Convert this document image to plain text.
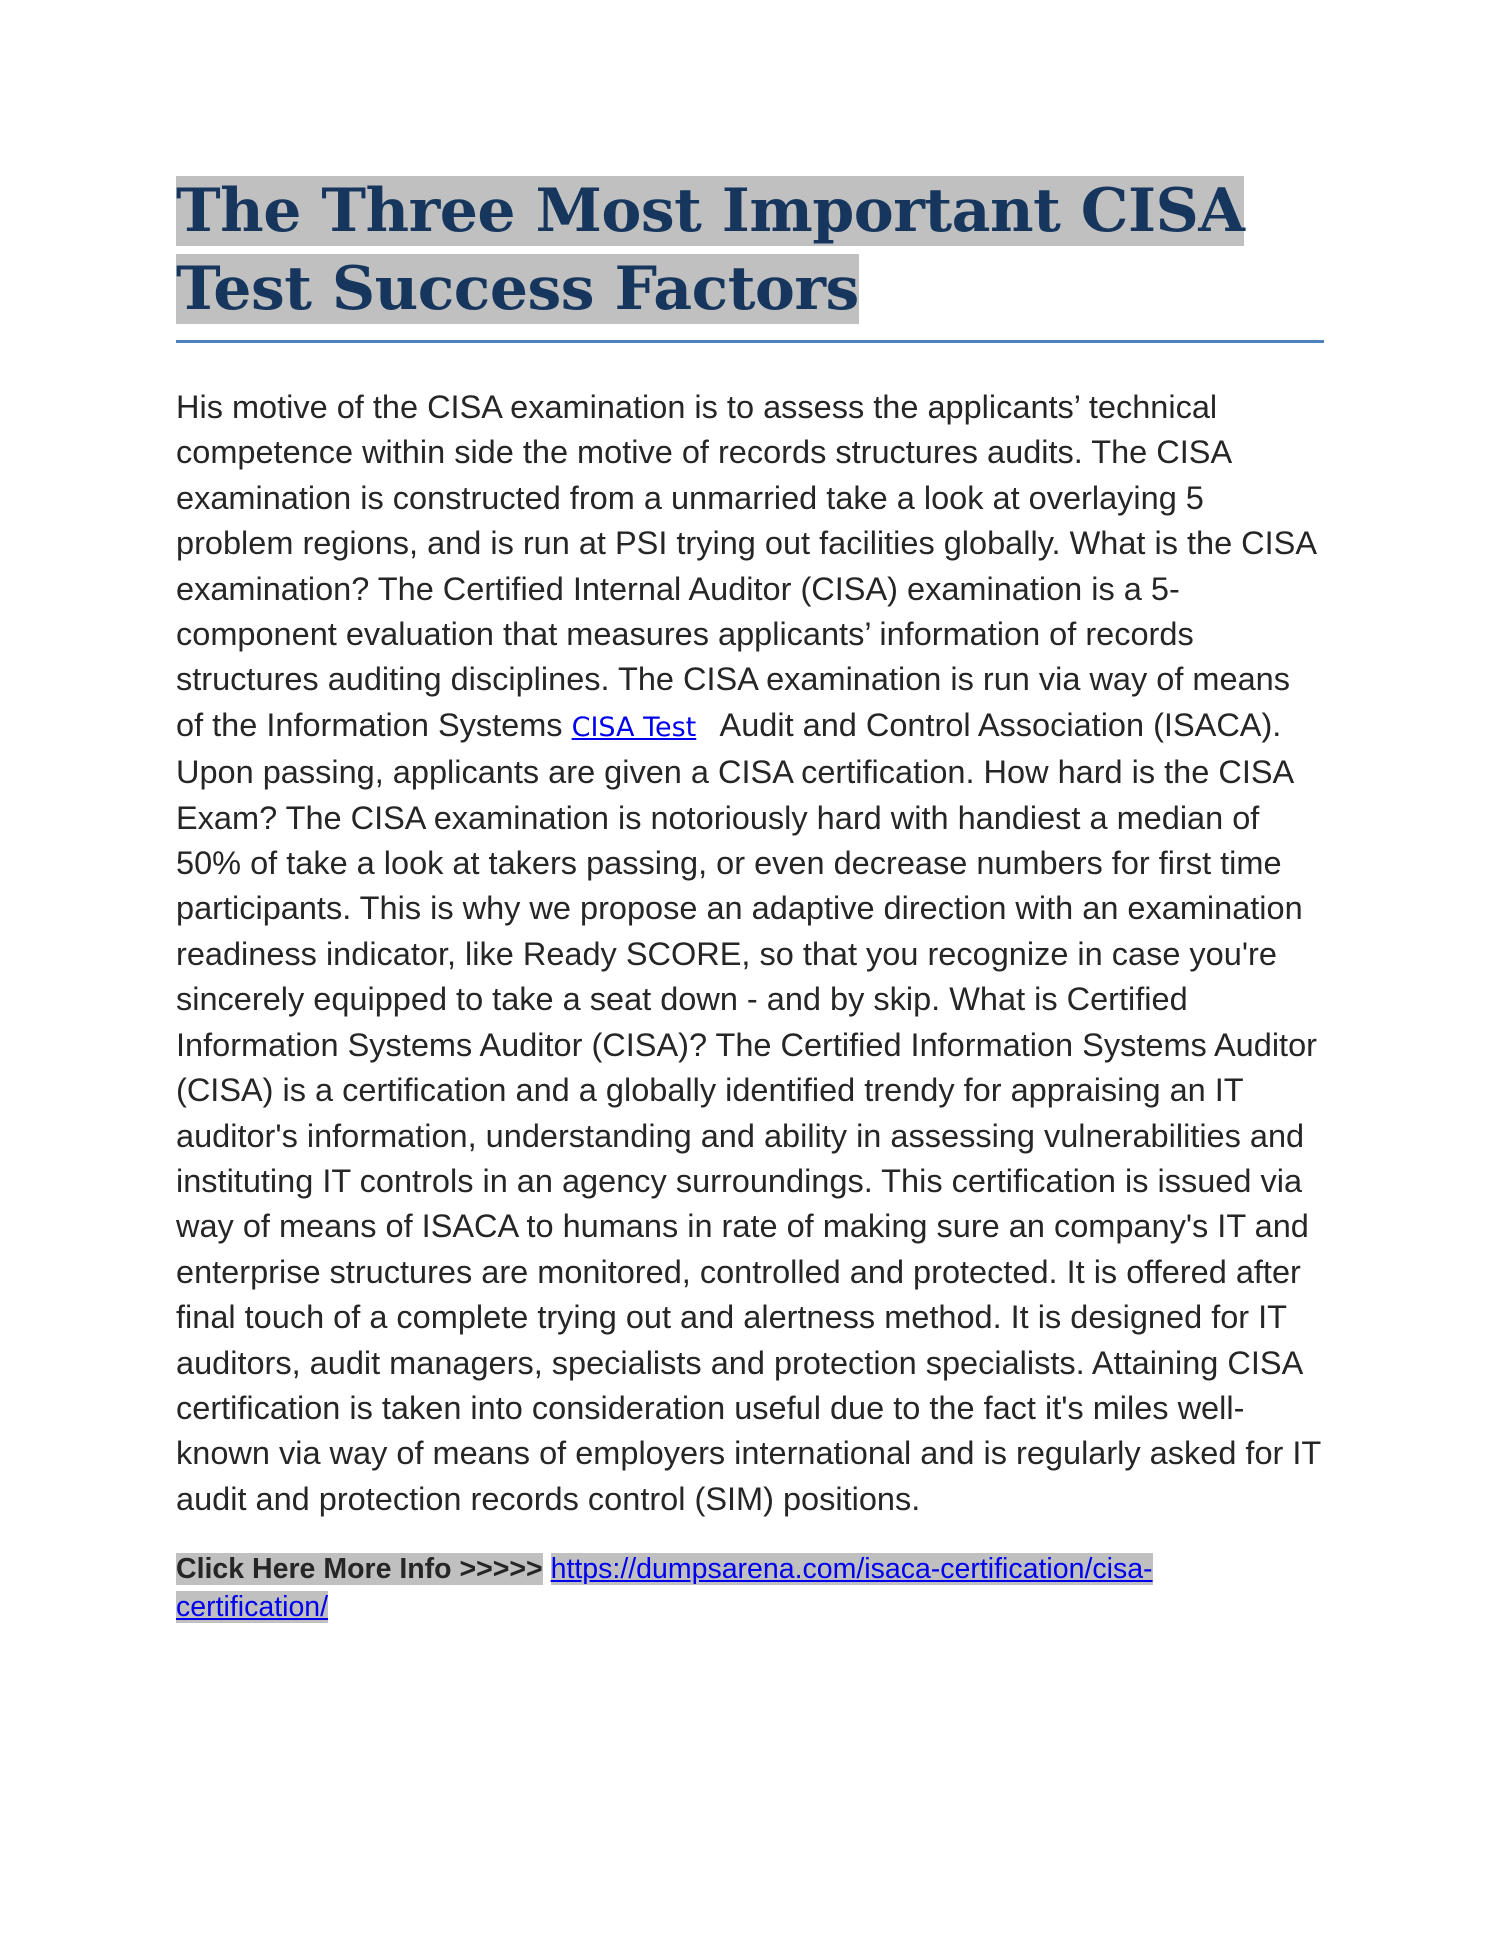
The Three Most Important CISA Test Success Factors

His motive of the CISA examination is to assess the applicants’ technical competence within side the motive of records structures audits. The CISA examination is constructed from a unmarried take a look at overlaying 5 problem regions, and is run at PSI trying out facilities globally. What is the CISA examination? The Certified Internal Auditor (CISA) examination is a 5-component evaluation that measures applicants’ information of records structures auditing disciplines. The CISA examination is run via way of means of the Information Systems CISA Test Audit and Control Association (ISACA). Upon passing, applicants are given a CISA certification. How hard is the CISA Exam? The CISA examination is notoriously hard with handiest a median of 50% of take a look at takers passing, or even decrease numbers for first time participants. This is why we propose an adaptive direction with an examination readiness indicator, like Ready SCORE, so that you recognize in case you're sincerely equipped to take a seat down - and by skip. What is Certified Information Systems Auditor (CISA)? The Certified Information Systems Auditor (CISA) is a certification and a globally identified trendy for appraising an IT auditor's information, understanding and ability in assessing vulnerabilities and instituting IT controls in an agency surroundings. This certification is issued via way of means of ISACA to humans in rate of making sure an company's IT and enterprise structures are monitored, controlled and protected. It is offered after final touch of a complete trying out and alertness method. It is designed for IT auditors, audit managers, specialists and protection specialists. Attaining CISA certification is taken into consideration useful due to the fact it's miles well-known via way of means of employers international and is regularly asked for IT audit and protection records control (SIM) positions.

Click Here More Info >>>>> https://dumpsarena.com/isaca-certification/cisa-certification/
